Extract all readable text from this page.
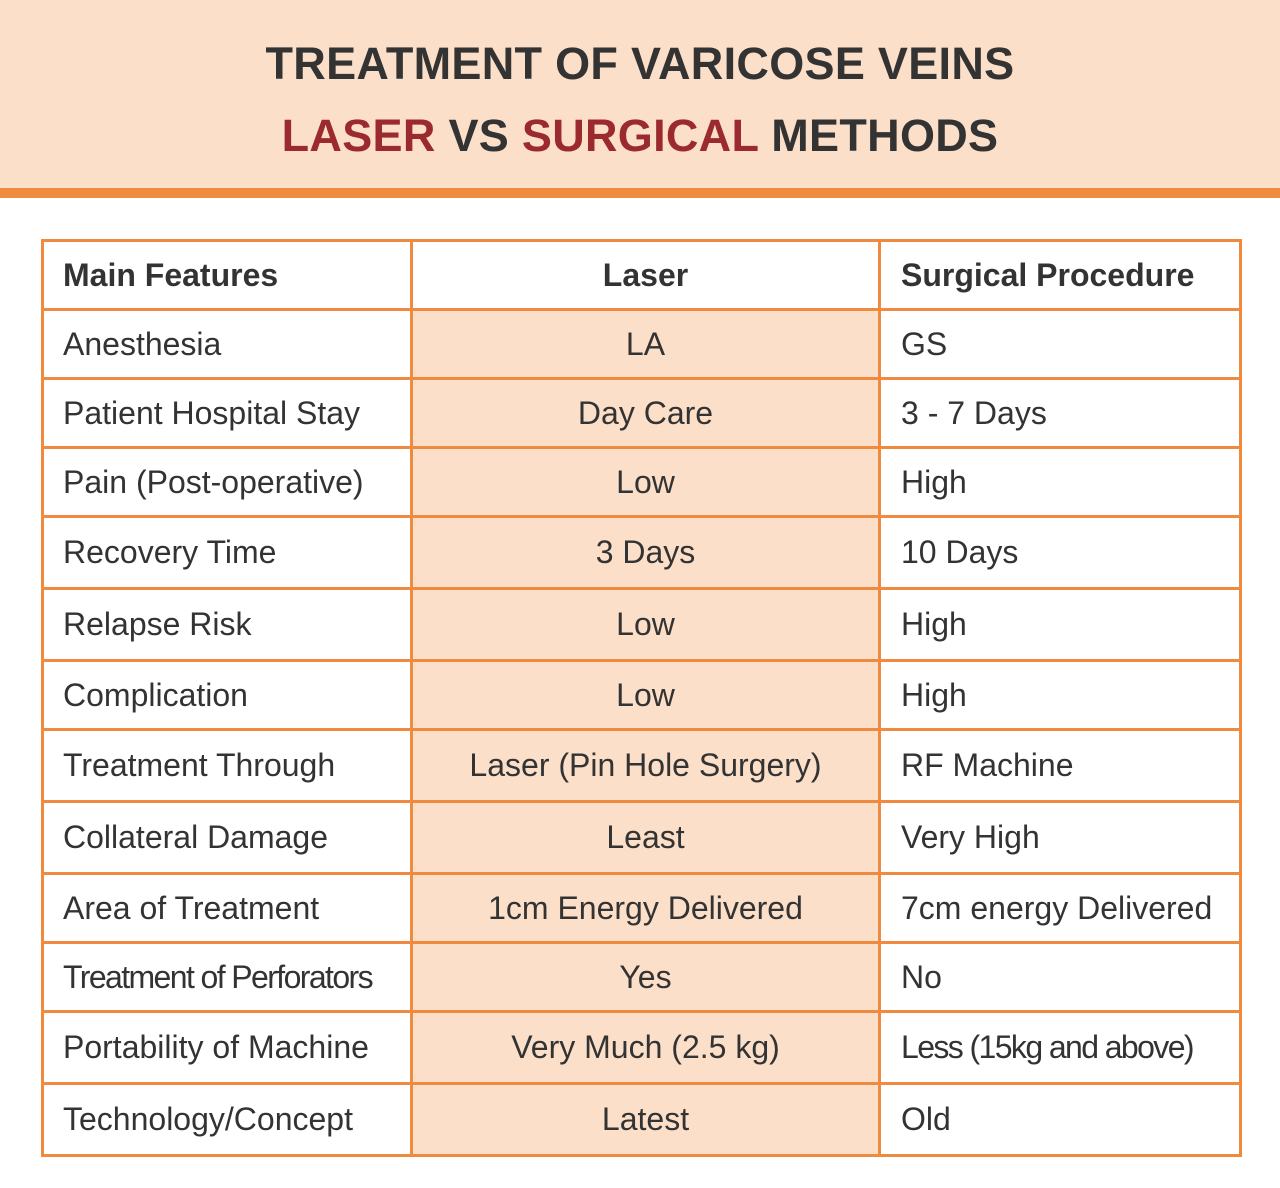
TREATMENT OF VARICOSE VEINS
LASER VS SURGICAL METHODS
Main Features	Laser	Surgical Procedure
Anesthesia	LA	GS
Patient Hospital Stay	Day Care	3 - 7 Days
Pain (Post-operative)	Low	High
Recovery Time	3 Days	10 Days
Relapse Risk	Low	High
Complication	Low	High
Treatment Through	Laser (Pin Hole Surgery)	RF Machine
Collateral Damage	Least	Very High
Area of Treatment	1cm Energy Delivered	7cm energy Delivered
Treatment of Perforators	Yes	No
Portability of Machine	Very Much (2.5 kg)	Less (15kg and above)
Technology/Concept	Latest	Old
